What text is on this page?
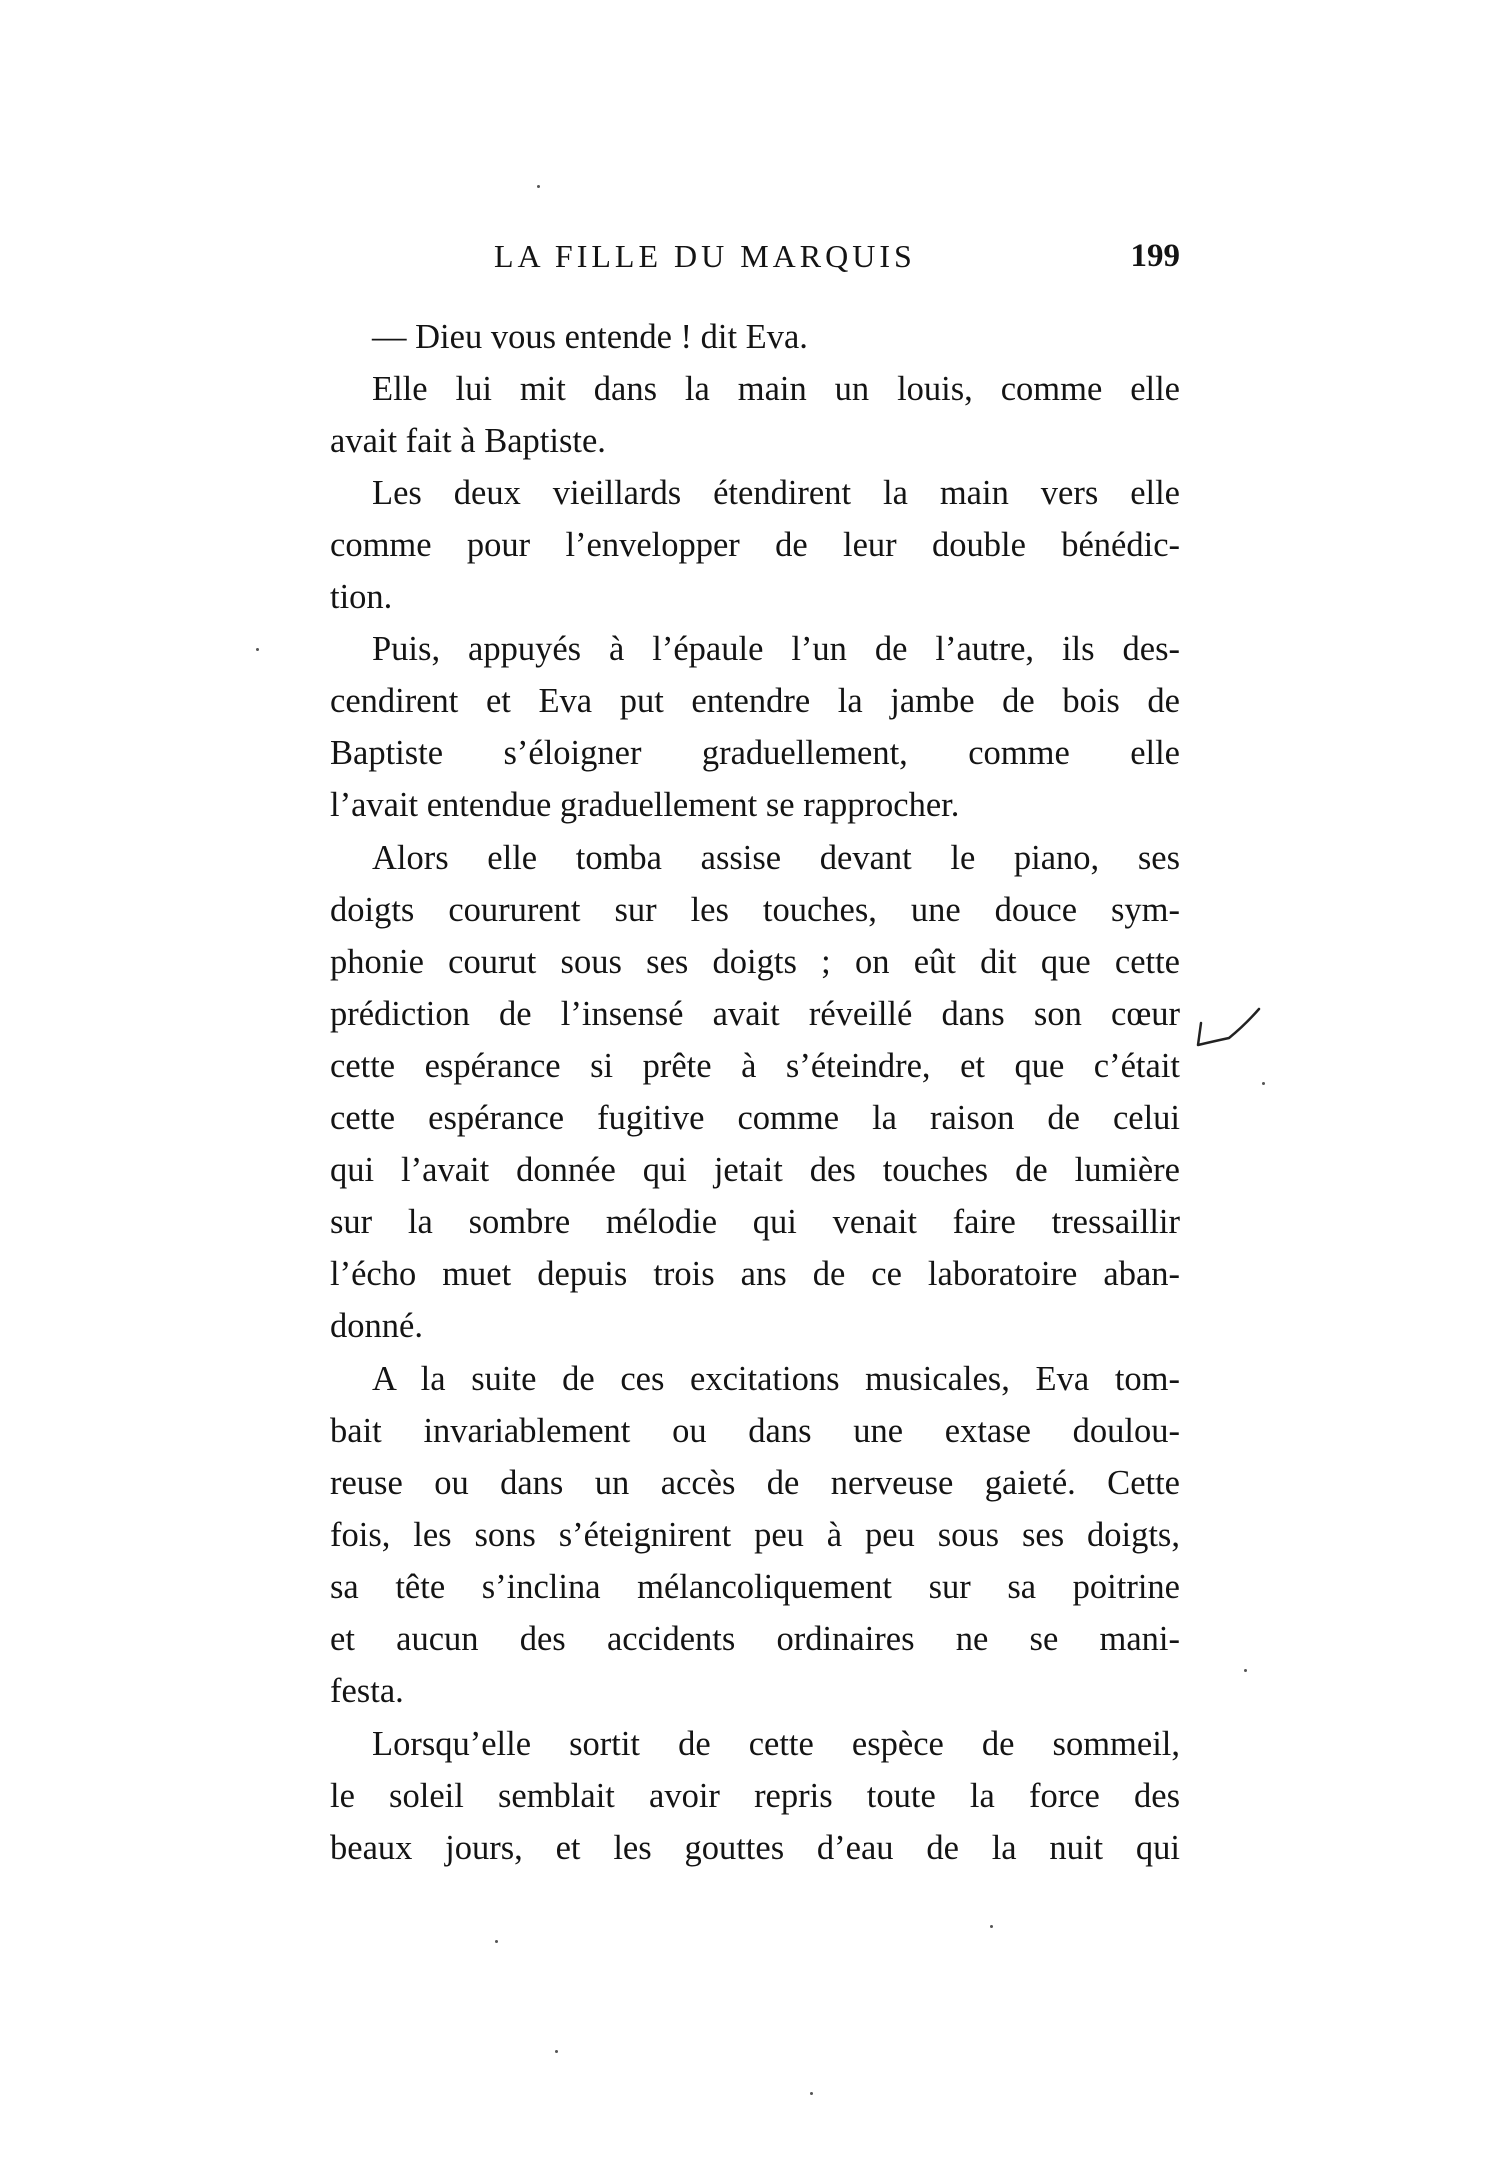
LA FILLE DU MARQUIS	199
— Dieu vous entende ! dit Eva.
Elle lui mit dans la main un louis, comme elle
avait fait à Baptiste.
Les deux vieillards étendirent la main vers elle
comme pour l’envelopper de leur double bénédic-
tion.
Puis, appuyés à l’épaule l’un de l’autre, ils des-
cendirent et Eva put entendre la jambe de bois de
Baptiste s’éloigner graduellement, comme elle
l’avait entendue graduellement se rapprocher.
Alors elle tomba assise devant le piano, ses
doigts coururent sur les touches, une douce sym-
phonie courut sous ses doigts ; on eût dit que cette
prédiction de l’insensé avait réveillé dans son cœur
cette espérance si prête à s’éteindre, et que c’était
cette espérance fugitive comme la raison de celui
qui l’avait donnée qui jetait des touches de lumière
sur la sombre mélodie qui venait faire tressaillir
l’écho muet depuis trois ans de ce laboratoire aban-
donné.
A la suite de ces excitations musicales, Eva tom-
bait invariablement ou dans une extase doulou-
reuse ou dans un accès de nerveuse gaieté. Cette
fois, les sons s’éteignirent peu à peu sous ses doigts,
sa tête s’inclina mélancoliquement sur sa poitrine
et aucun des accidents ordinaires ne se mani-
festa.
Lorsqu’elle sortit de cette espèce de sommeil,
le soleil semblait avoir repris toute la force des
beaux jours, et les gouttes d’eau de la nuit qui
